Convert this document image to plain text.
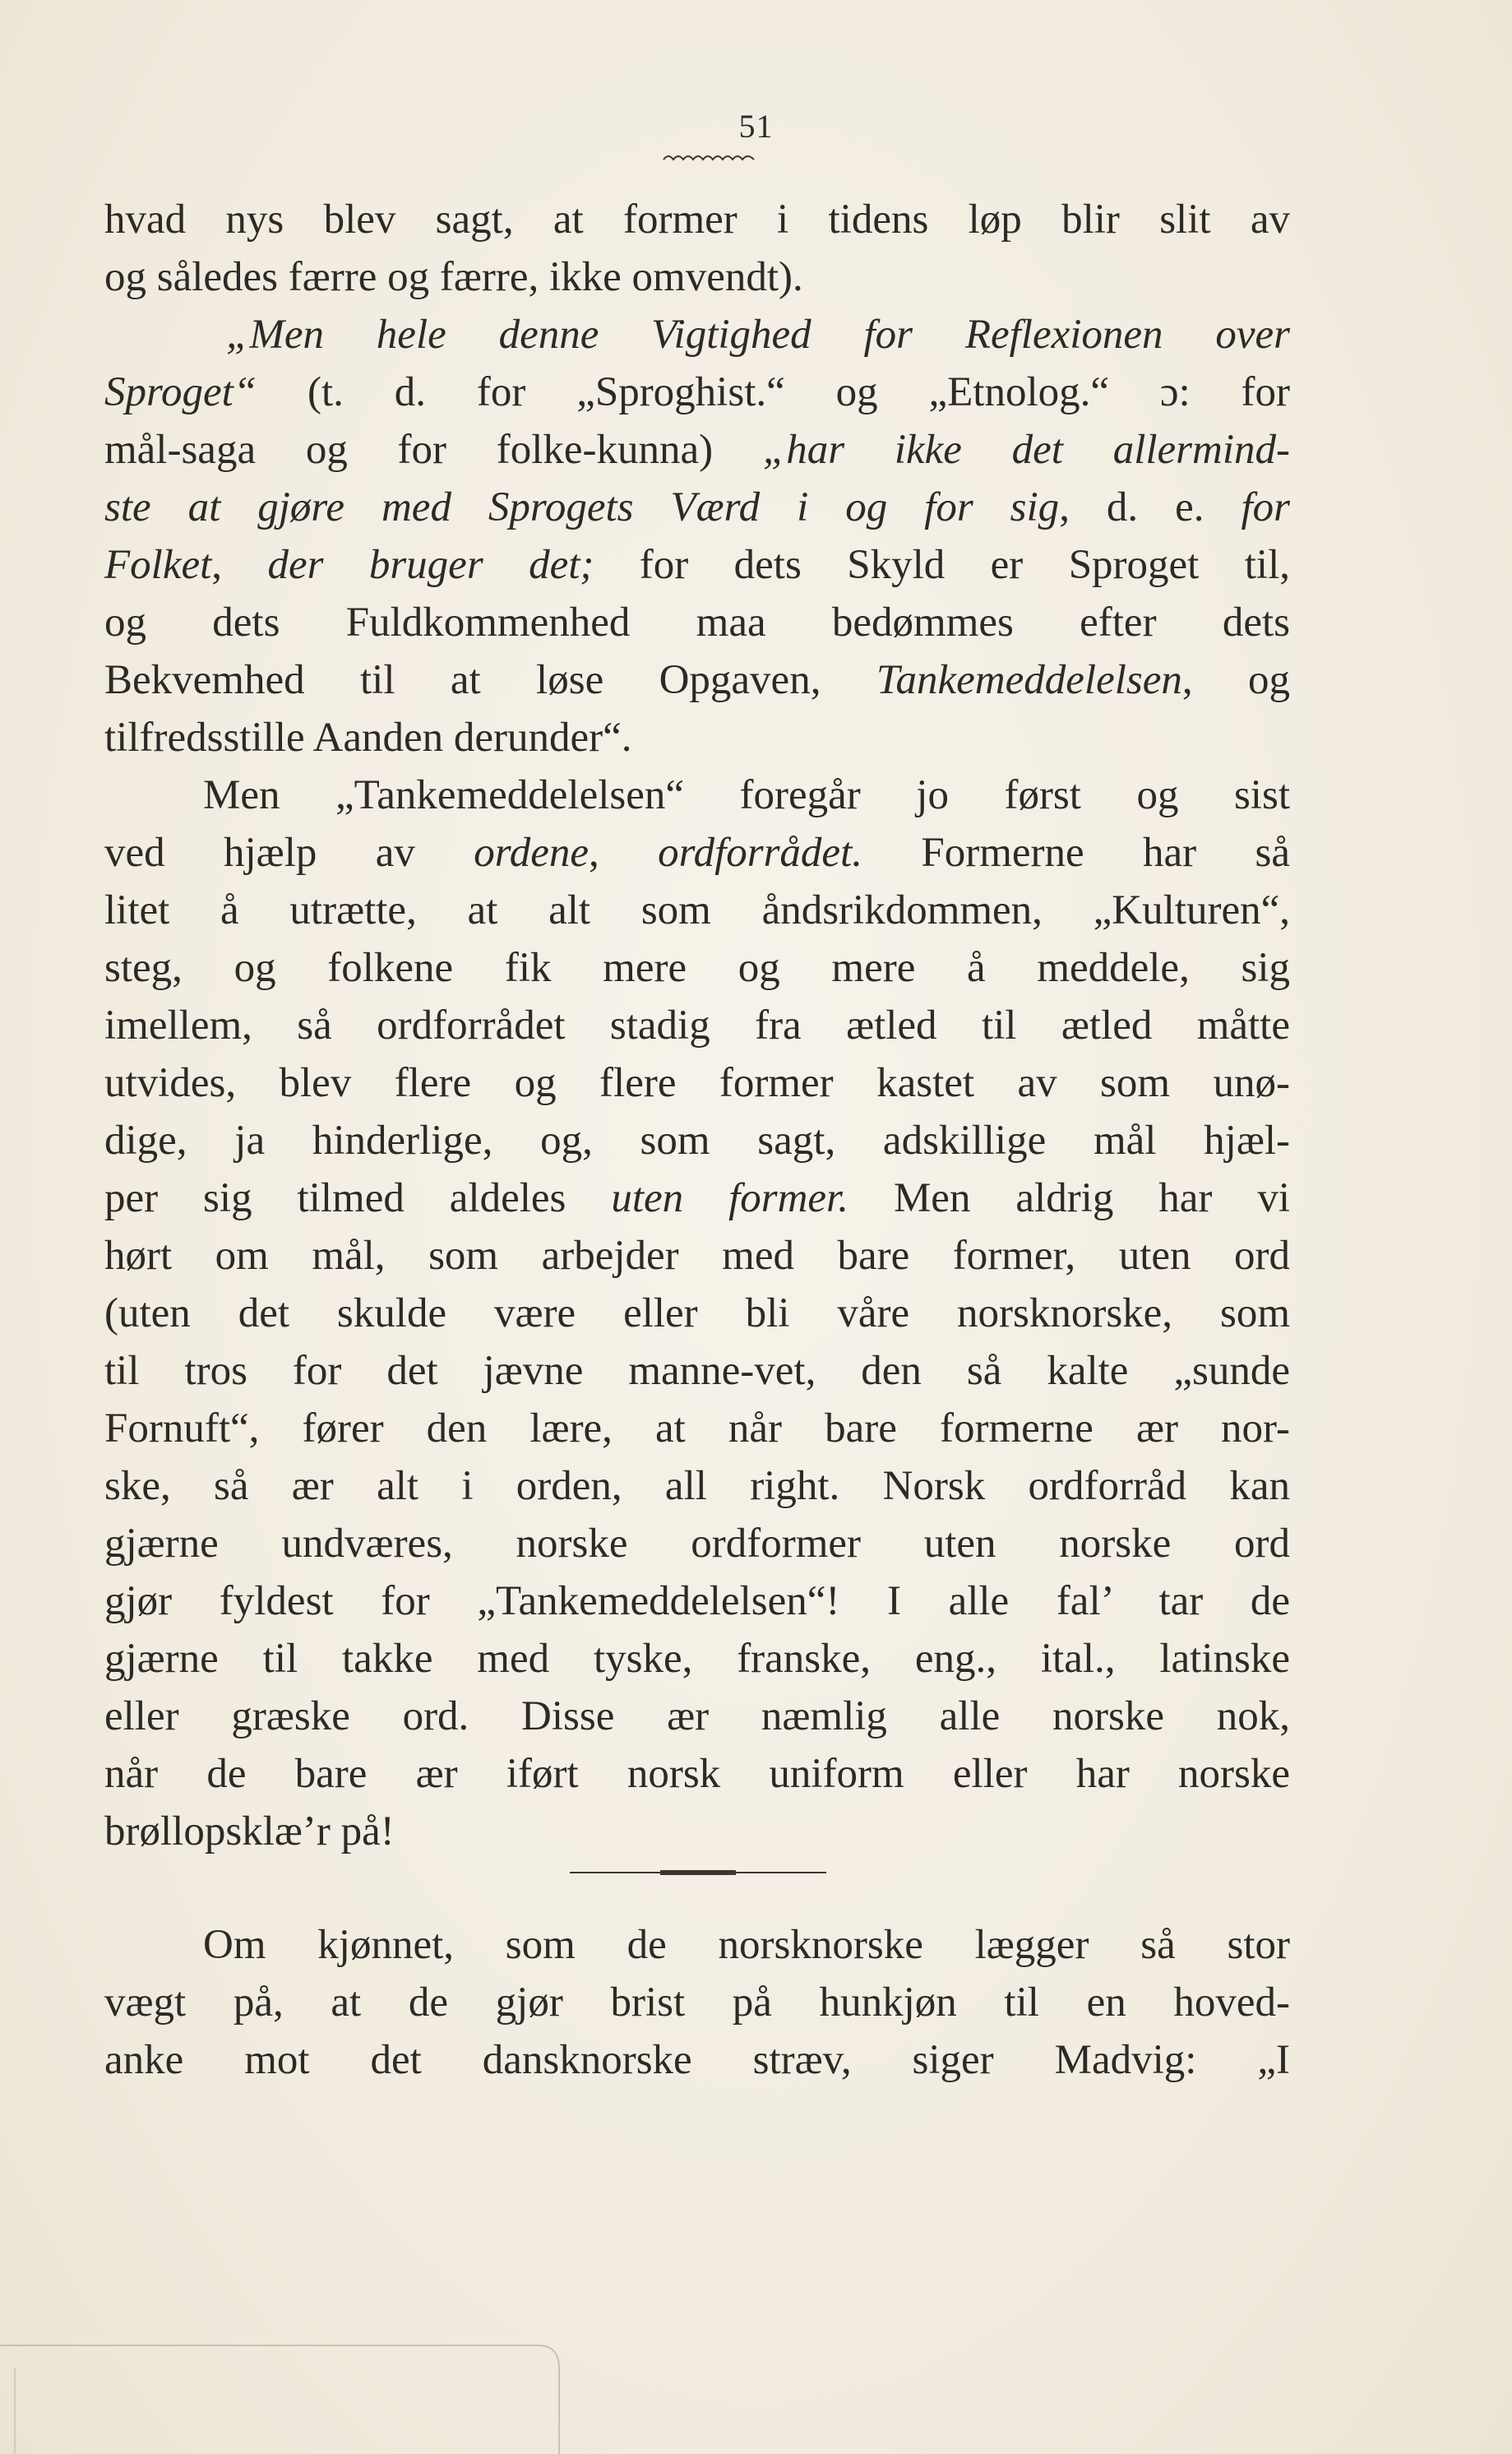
51

hvad nys blev sagt, at former i tidens løp blir slit av
og således færre og færre, ikke omvendt).

„Men hele denne Vigtighed for Reflexionen over
Sproget“ (t. d. for „Sproghist.“ og „Etnolog.“ ɔ: for
mål-saga og for folke-kunna) „har ikke det allermind-
ste at gjøre med Sprogets Værd i og for sig, d. e. for
Folket, der bruger det; for dets Skyld er Sproget til,
og dets Fuldkommenhed maa bedømmes efter dets
Bekvemhed til at løse Opgaven, Tankemeddelelsen, og
tilfredsstille Aanden derunder“.

Men „Tankemeddelelsen“ foregår jo først og sist
ved hjælp av ordene, ordforrådet. Formerne har så
litet å utrætte, at alt som åndsrikdommen, „Kulturen“,
steg, og folkene fik mere og mere å meddele, sig
imellem, så ordforrådet stadig fra ætled til ætled måtte
utvides, blev flere og flere former kastet av som unø-
dige, ja hinderlige, og, som sagt, adskillige mål hjæl-
per sig tilmed aldeles uten former. Men aldrig har vi
hørt om mål, som arbejder med bare former, uten ord
(uten det skulde være eller bli våre norsknorske, som
til tros for det jævne manne-vet, den så kalte „sunde
Fornuft“, fører den lære, at når bare formerne ær nor-
ske, så ær alt i orden, all right. Norsk ordforråd kan
gjærne undværes, norske ordformer uten norske ord
gjør fyldest for „Tankemeddelelsen“! I alle fal’ tar de
gjærne til takke med tyske, franske, eng., ital., latinske
eller græske ord. Disse ær næmlig alle norske nok,
når de bare ær iført norsk uniform eller har norske
brøllopsklæ’r på!

Om kjønnet, som de norsknorske lægger så stor
vægt på, at de gjør brist på hunkjøn til en hoved-
anke mot det dansknorske stræv, siger Madvig: „I
